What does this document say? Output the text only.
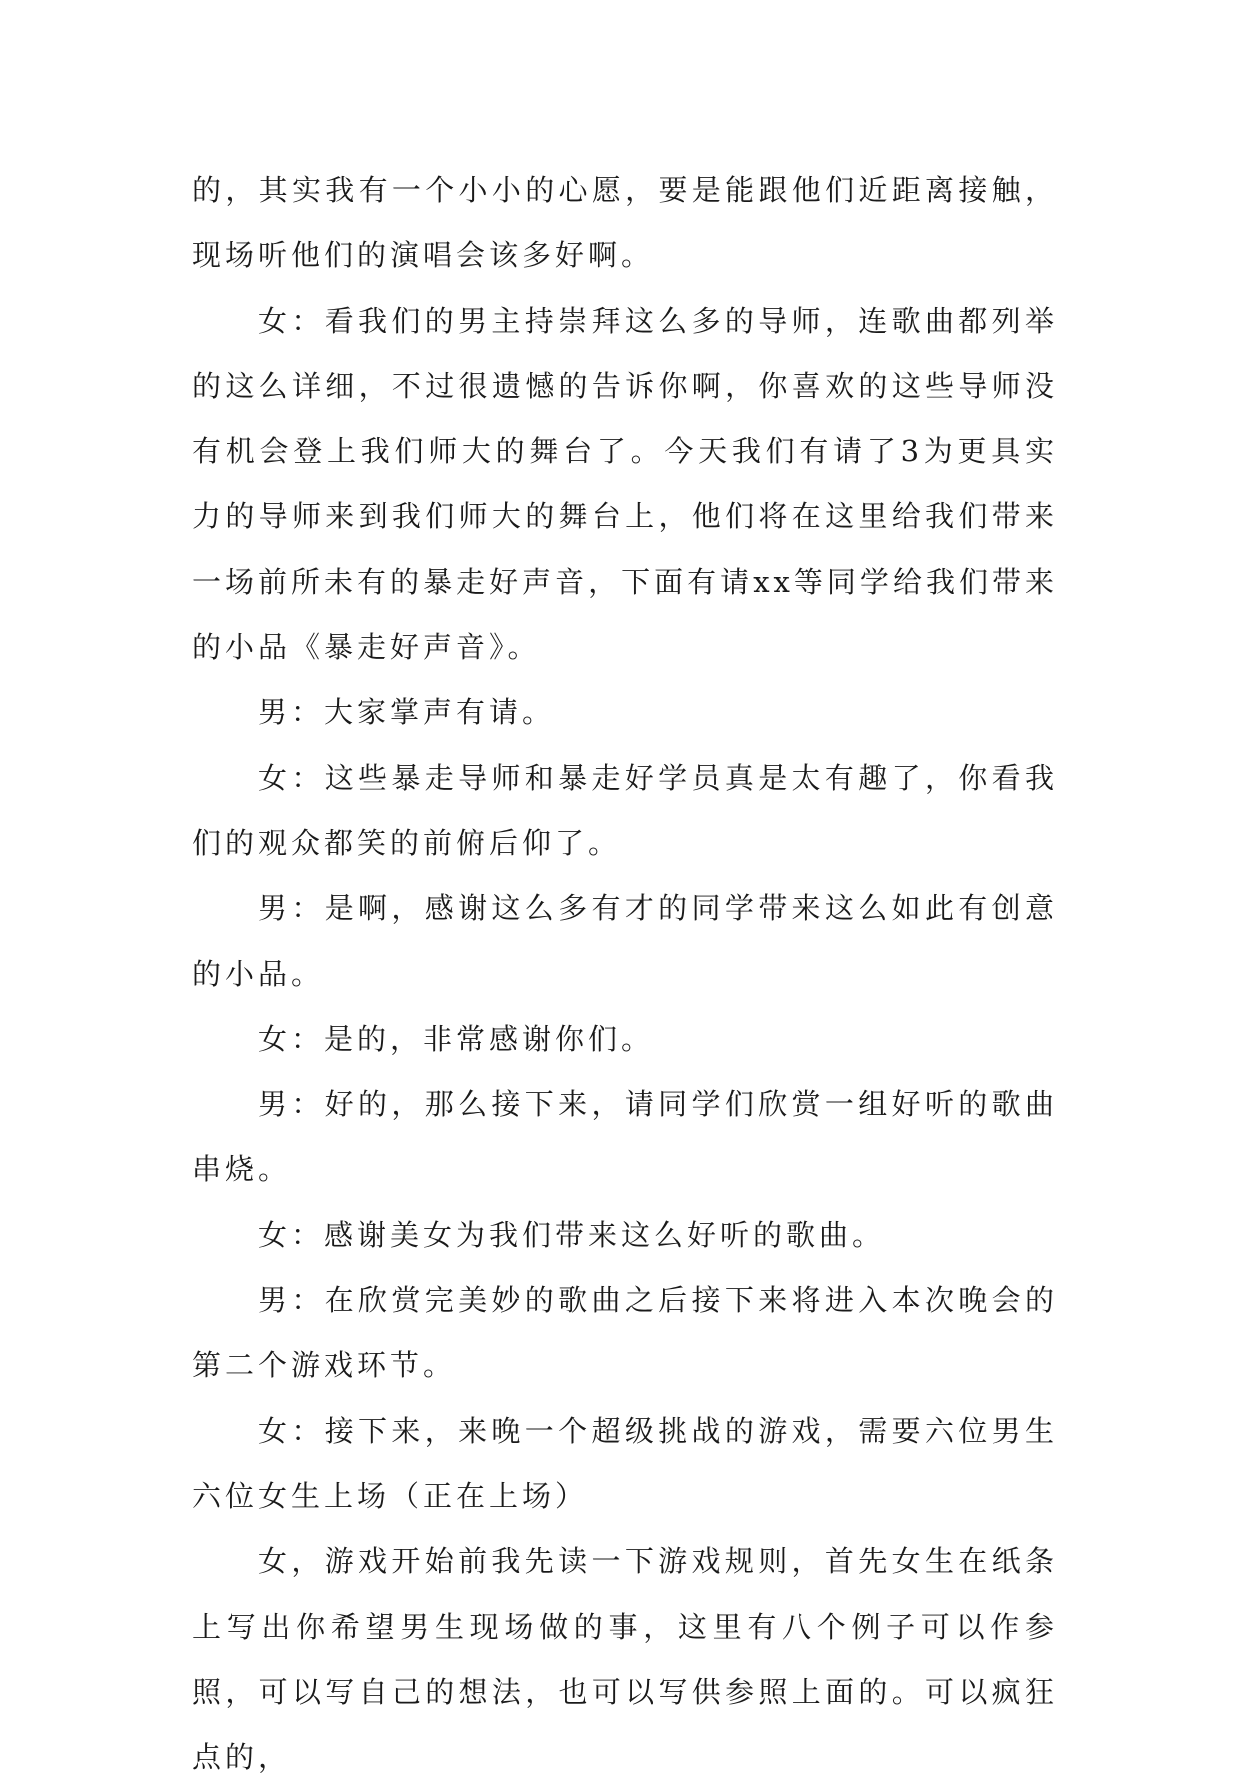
的，其实我有一个小小的心愿，要是能跟他们近距离接触，现场听他们的演唱会该多好啊。

女：看我们的男主持崇拜这么多的导师，连歌曲都列举的这么详细，不过很遗憾的告诉你啊，你喜欢的这些导师没有机会登上我们师大的舞台了。今天我们有请了3为更具实力的导师来到我们师大的舞台上，他们将在这里给我们带来一场前所未有的暴走好声音，下面有请xx等同学给我们带来的小品《暴走好声音》。

男：大家掌声有请。

女：这些暴走导师和暴走好学员真是太有趣了，你看我们的观众都笑的前俯后仰了。

男：是啊，感谢这么多有才的同学带来这么如此有创意的小品。

女：是的，非常感谢你们。

男：好的，那么接下来，请同学们欣赏一组好听的歌曲串烧。

女：感谢美女为我们带来这么好听的歌曲。

男：在欣赏完美妙的歌曲之后接下来将进入本次晚会的第二个游戏环节。

女：接下来，来晚一个超级挑战的游戏，需要六位男生六位女生上场（正在上场）

女，游戏开始前我先读一下游戏规则，首先女生在纸条上写出你希望男生现场做的事，这里有八个例子可以作参照，可以写自己的想法，也可以写供参照上面的。可以疯狂点的，
